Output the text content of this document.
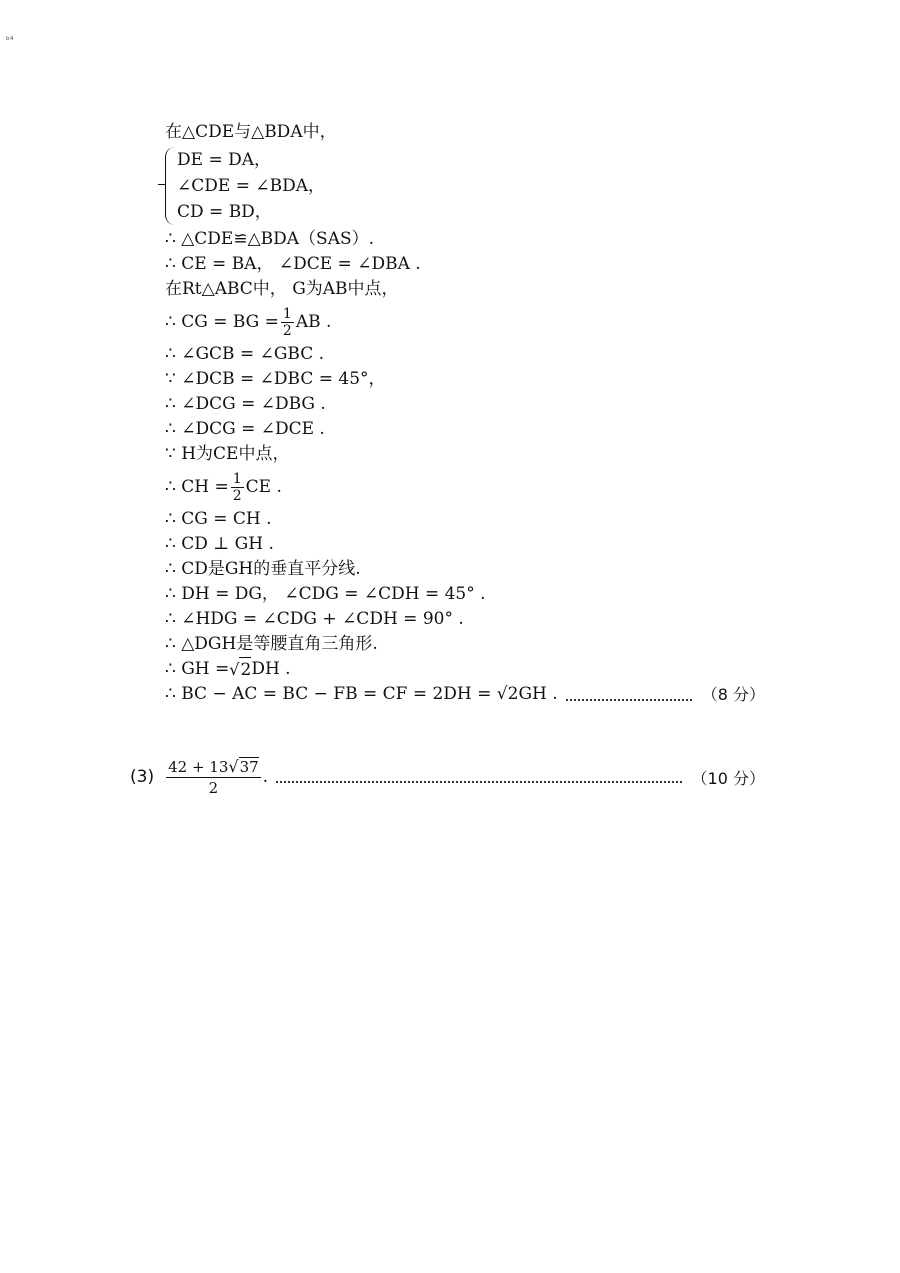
ᵇ⁴
在△CDE与△BDA中，
DE = DA，
∠CDE = ∠BDA，
CD = BD，
∴ △CDE≌△BDA（SAS）.
∴ CE = BA， ∠DCE = ∠DBA .
在Rt△ABC中， G为AB中点，
∴ CG = BG = $\frac{1}{2}$ AB .
∴ ∠GCB = ∠GBC .
∵ ∠DCB = ∠DBC = 45°，
∴ ∠DCG = ∠DBG .
∴ ∠DCG = ∠DCE .
∵ H为CE中点，
∴ CH = $\frac{1}{2}$ CE .
∴ CG = CH .
∴ CD ⊥ GH .
∴ CD是GH的垂直平分线.
∴ DH = DG， ∠CDG = ∠CDH = 45° .
∴ ∠HDG = ∠CDG + ∠CDH = 90° .
∴ △DGH是等腰直角三角形.
∴ GH = √ 2 DH .
∴ BC − AC = BC − FB = CF = 2DH = √2GH .	（8 分）
$(3) \frac{42 + 13√37}{2}$ .	（10 分）
